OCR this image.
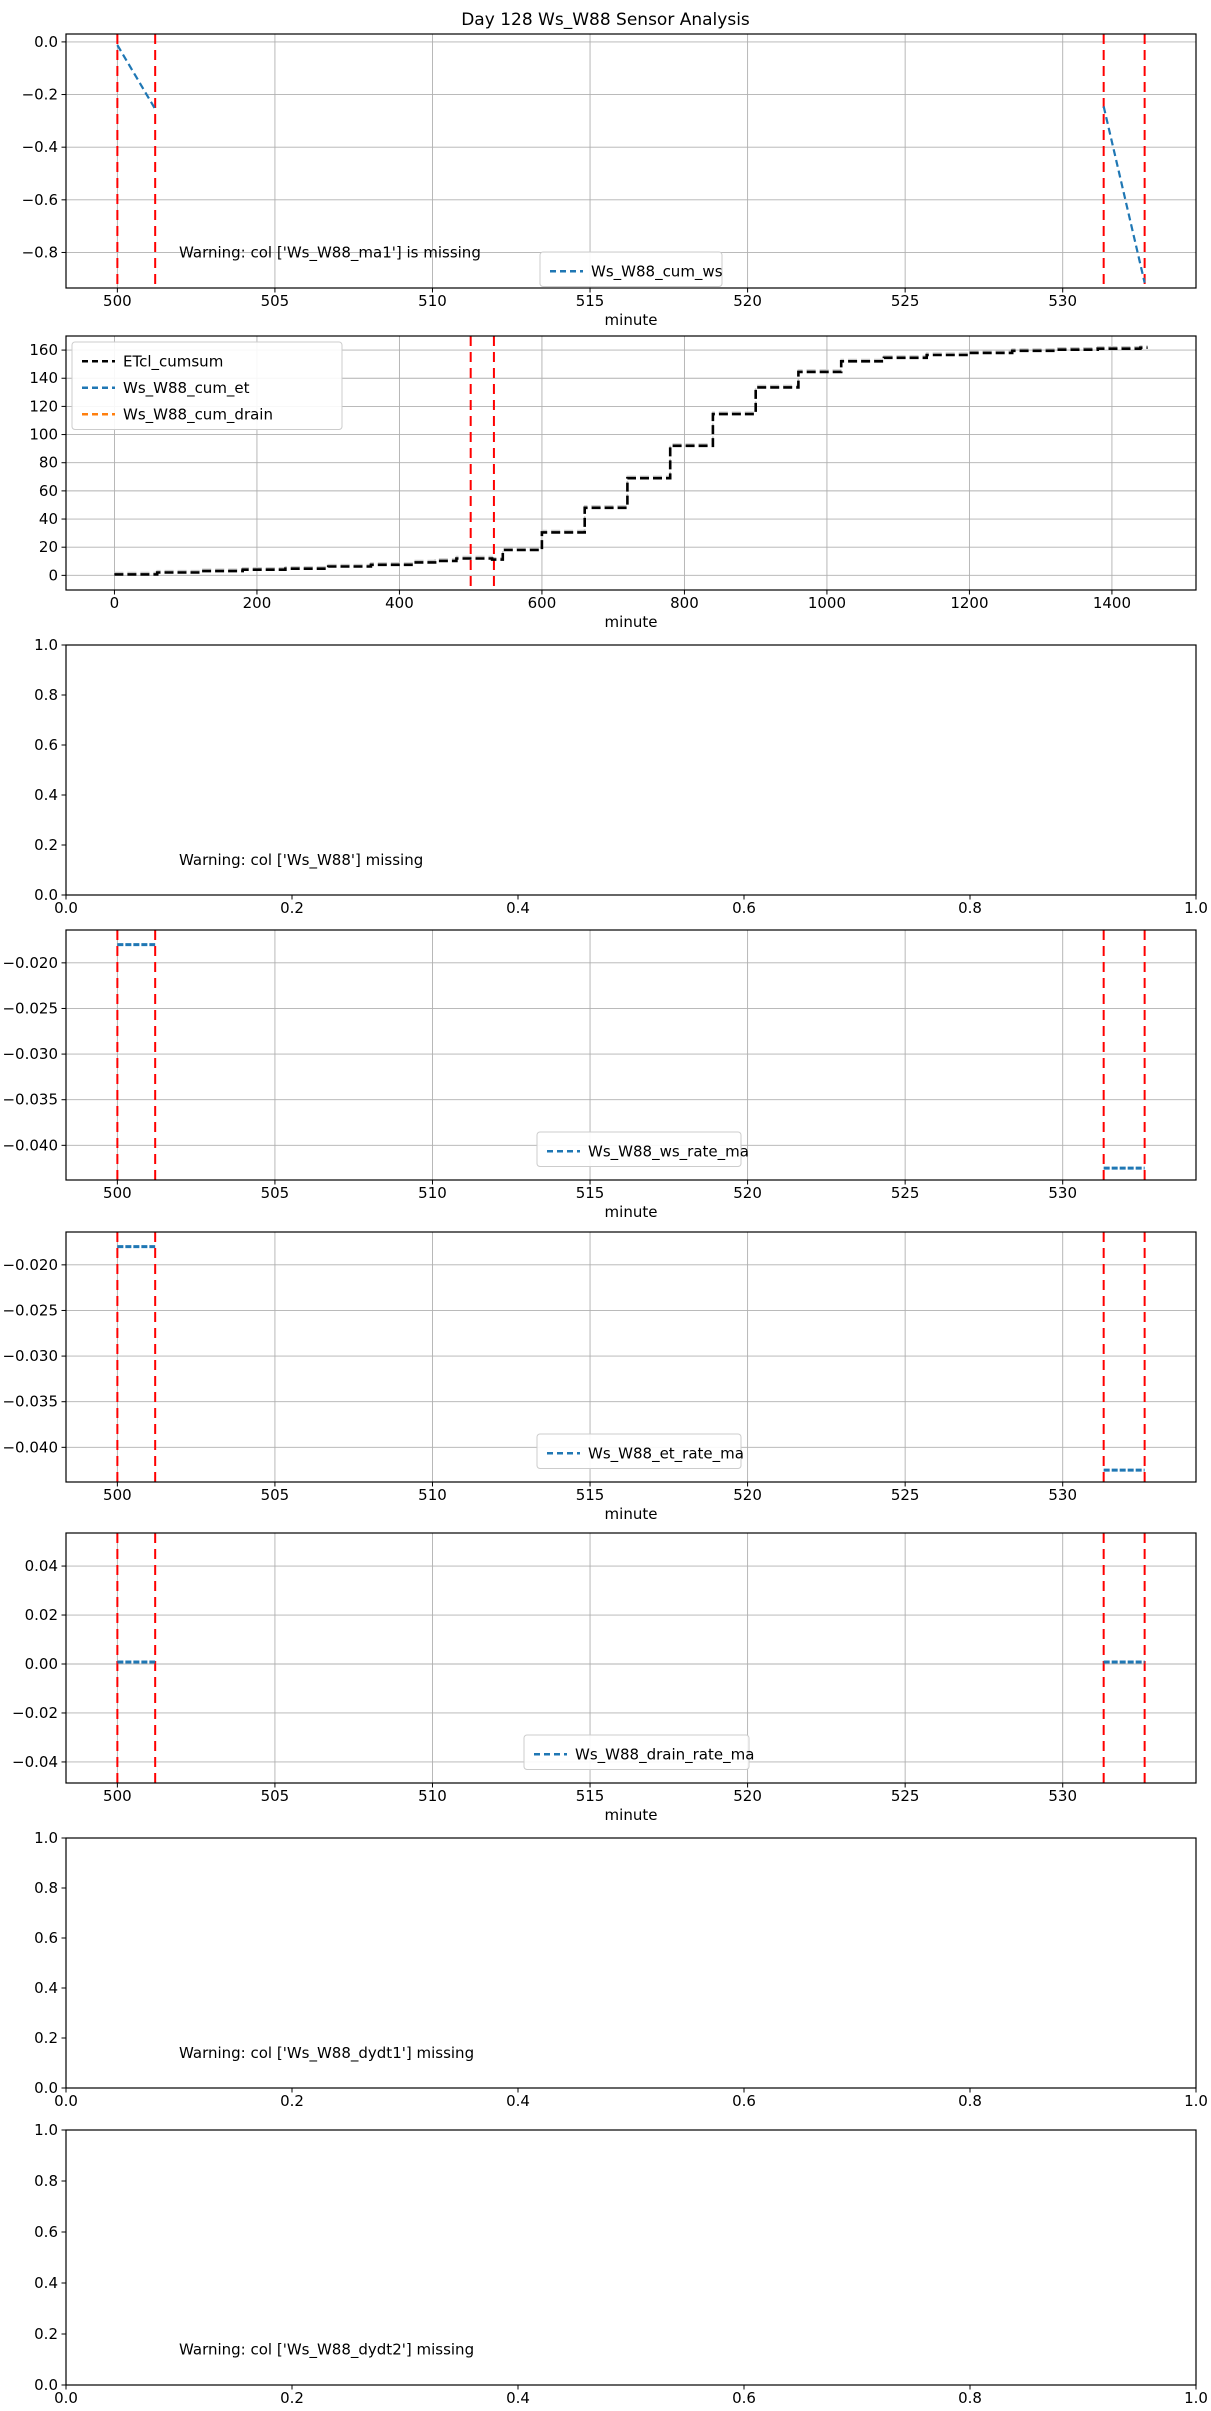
500	505	510	515	520	525	530
0.0
−0.2
−0.4
−0.6
−0.8
minute
Warning: col ['Ws_W88_ma1'] is missing
Ws_W88_cum_ws
0	200	400	600	800	1000	1200	1400
0
20
40
60
80
100
120
140
160
minute
ETcl_cumsum
Ws_W88_cum_et
Ws_W88_cum_drain
0.0	0.2	0.4	0.6	0.8	1.0
1.0
0.8
0.6
0.4
0.2
0.0
Warning: col ['Ws_W88'] missing
500	505	510	515	520	525	530
−0.020
−0.025
−0.030
−0.035
−0.040
minute
Ws_W88_ws_rate_ma
500	505	510	515	520	525	530
−0.020
−0.025
−0.030
−0.035
−0.040
minute
Ws_W88_et_rate_ma
500	505	510	515	520	525	530
0.04
0.02
0.00
−0.02
−0.04
minute
Ws_W88_drain_rate_ma
0.0	0.2	0.4	0.6	0.8	1.0
1.0
0.8
0.6
0.4
0.2
0.0
Warning: col ['Ws_W88_dydt1'] missing
0.0	0.2	0.4	0.6	0.8	1.0
1.0
0.8
0.6
0.4
0.2
0.0
Warning: col ['Ws_W88_dydt2'] missing
Day 128 Ws_W88 Sensor Analysis
